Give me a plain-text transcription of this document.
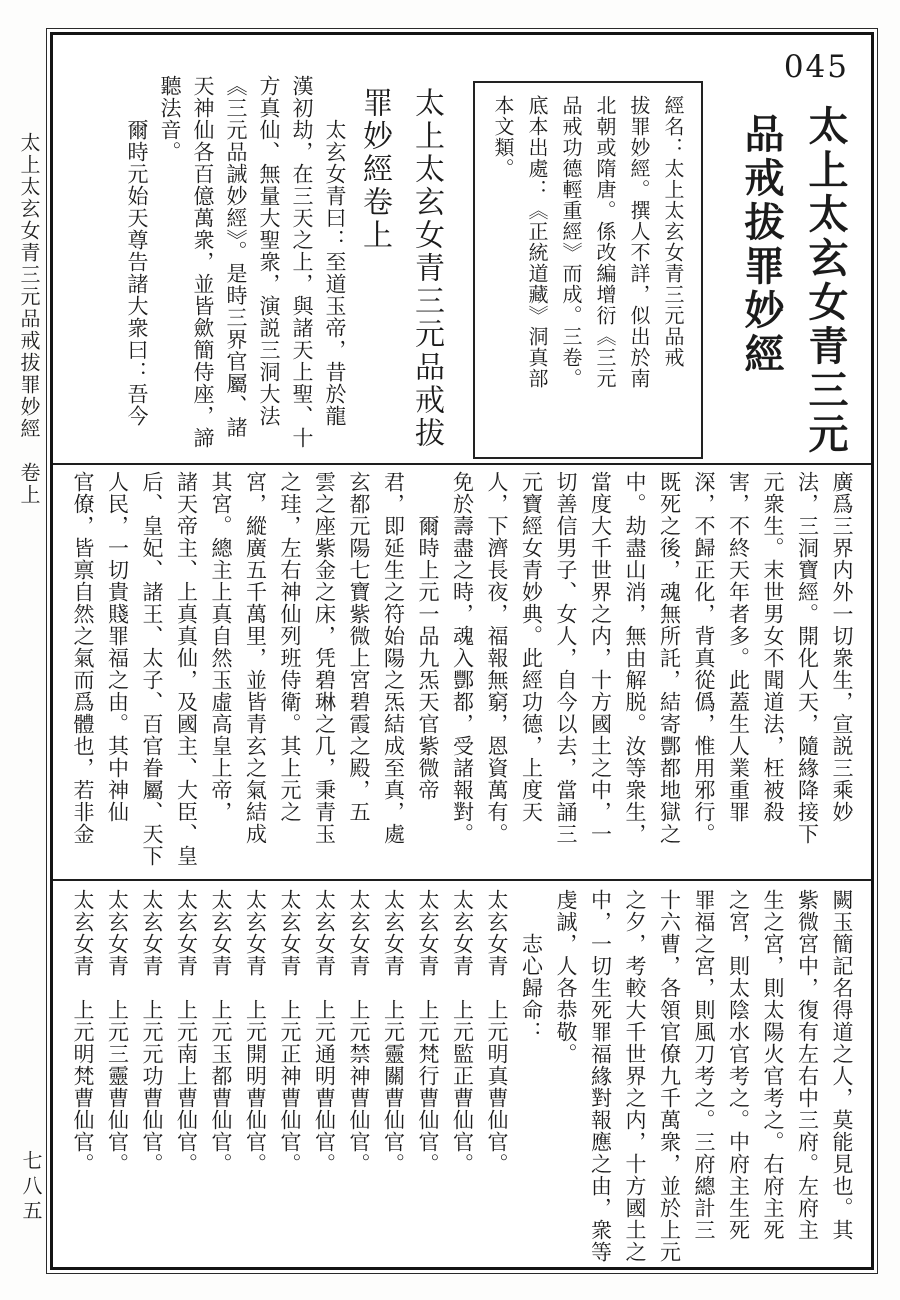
太上太玄女青三元品戒拔罪妙經　卷上
七八五
045
太上太玄女青三元
品戒拔罪妙經
經名：太上太玄女青三元品戒
拔罪妙經。撰人不詳，似出於南
北朝或隋唐。係改編增衍《三元
品戒功德輕重經》而成。三卷。
底本出處：《正統道藏》洞真部
本文類。
太上太玄女青三元品戒拔
罪妙經卷上
　　太玄女青曰：至道玉帝，昔於龍
漢初劫，在三天之上，與諸天上聖、十
方真仙、無量大聖衆，演説三洞大法
《三元品誡妙經》。是時三界官屬、諸
天神仙各百億萬衆，並皆歛簡侍座，諦
聽法音。
　　爾時元始天尊告諸大衆曰：吾今
廣爲三界内外一切衆生，宣説三乘妙
法，三洞寶經。開化人天，隨緣降接下
元衆生。末世男女不聞道法，枉被殺
害，不終天年者多。此蓋生人業重罪
深，不歸正化，背真從僞，惟用邪行。
既死之後，魂無所託，結寄酆都地獄之
中。劫盡山消，無由解脱。汝等衆生，
當度大千世界之内，十方國土之中，一
切善信男子、女人，自今以去，當誦三
元寶經女青妙典。此經功德，上度天
人，下濟長夜，福報無窮，恩資萬有。
免於壽盡之時，魂入酆都，受諸報對。
　　爾時上元一品九炁天官紫微帝
君，即延生之符始陽之炁結成至真，處
玄都元陽七寶紫微上宮碧霞之殿，五
雲之座紫金之床，凭碧琳之几，秉青玉
之珪，左右神仙列班侍衛。其上元之
宮，縱廣五千萬里，並皆青玄之氣結成
其宮。總主上真自然玉虛高皇上帝，
諸天帝主、上真真仙，及國主、大臣、皇
后、皇妃、諸王、太子、百官眷屬、天下
人民，一切貴賤罪福之由。其中神仙
官僚，皆禀自然之氣而爲體也，若非金
闕玉簡記名得道之人，莫能見也。其
紫微宮中，復有左右中三府。左府主
生之宮，則太陽火官考之。右府主死
之宮，則太陰水官考之。中府主生死
罪福之宮，則風刀考之。三府總計三
十六曹，各領官僚九千萬衆，並於上元
之夕，考較大千世界之内，十方國土之
中，一切生死罪福緣對報應之由，衆等
虔誠，人各恭敬。
　　志心歸命：
太玄女青　上元明真曹仙官。
太玄女青　上元監正曹仙官。
太玄女青　上元梵行曹仙官。
太玄女青　上元靈關曹仙官。
太玄女青　上元禁神曹仙官。
太玄女青　上元通明曹仙官。
太玄女青　上元正神曹仙官。
太玄女青　上元開明曹仙官。
太玄女青　上元玉都曹仙官。
太玄女青　上元南上曹仙官。
太玄女青　上元元功曹仙官。
太玄女青　上元三靈曹仙官。
太玄女青　上元明梵曹仙官。
